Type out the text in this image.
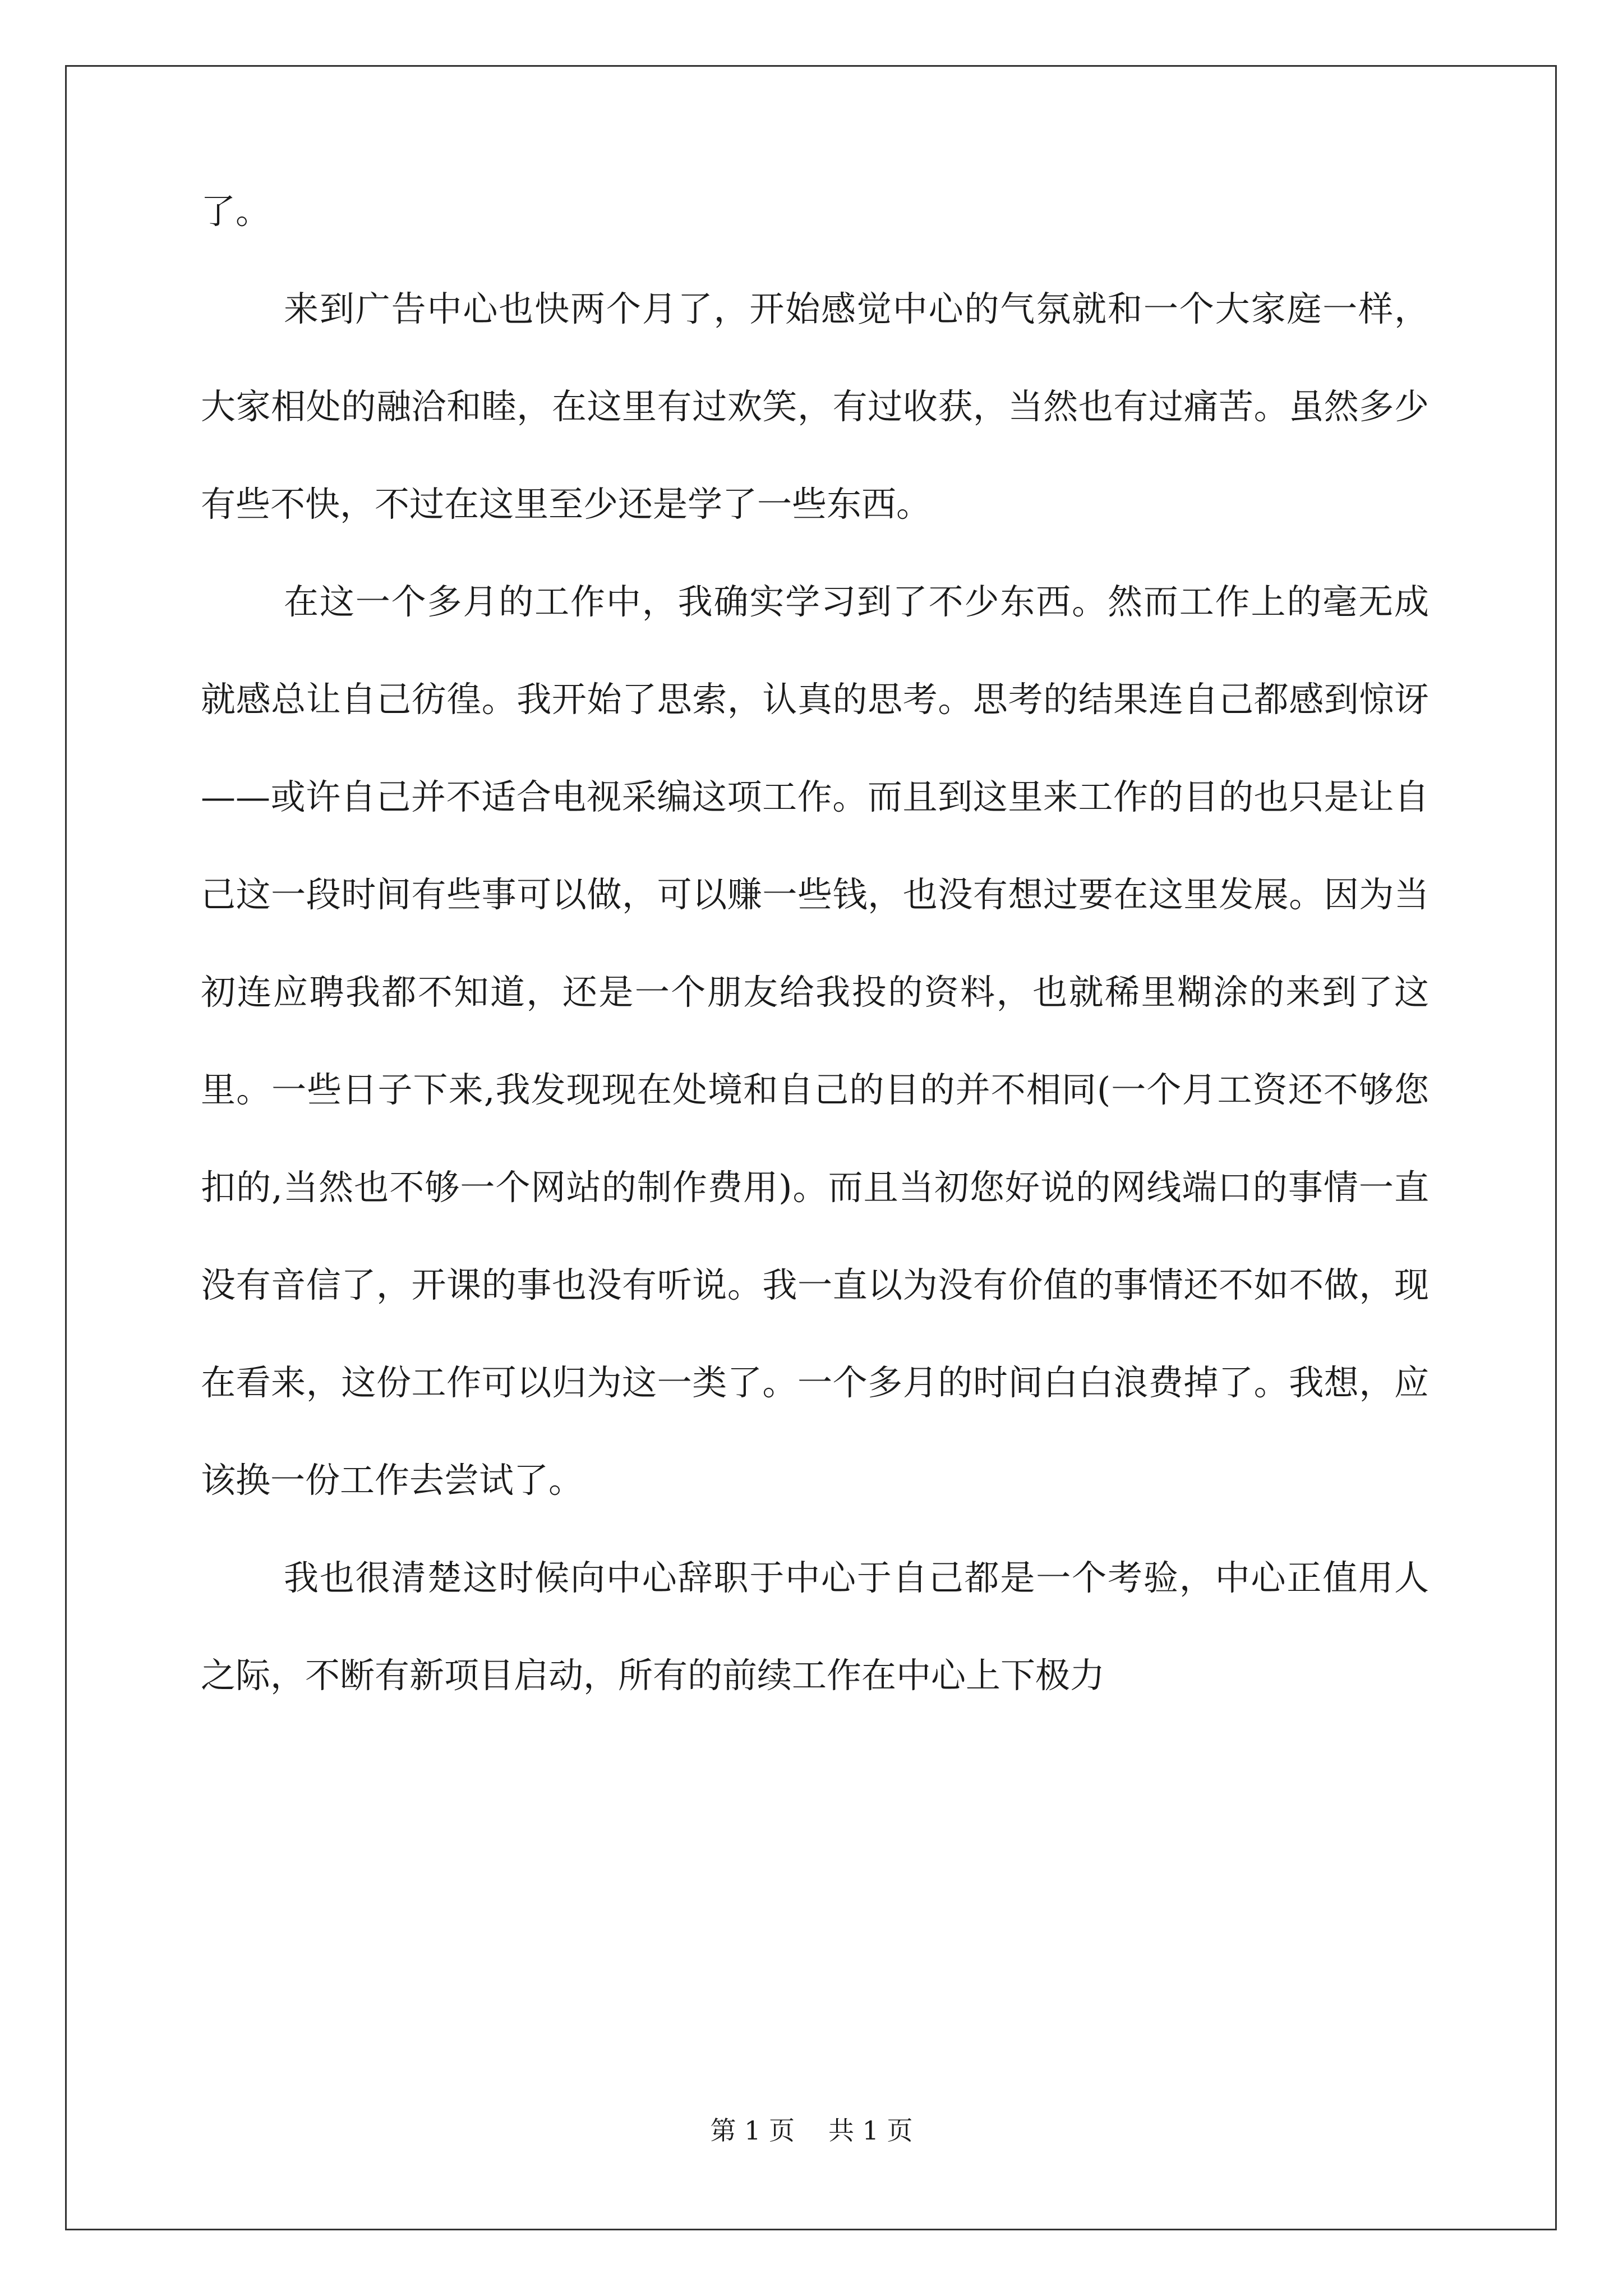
了。

来到广告中心也快两个月了，开始感觉中心的气氛就和一个大家庭一样，大家相处的融洽和睦，在这里有过欢笑，有过收获，当然也有过痛苦。虽然多少有些不快，不过在这里至少还是学了一些东西。

在这一个多月的工作中，我确实学习到了不少东西。然而工作上的毫无成就感总让自己彷徨。我开始了思索，认真的思考。思考的结果连自己都感到惊讶——或许自己并不适合电视采编这项工作。而且到这里来工作的目的也只是让自己这一段时间有些事可以做，可以赚一些钱，也没有想过要在这里发展。因为当初连应聘我都不知道，还是一个朋友给我投的资料，也就稀里糊涂的来到了这里。一些日子下来,我发现现在处境和自己的目的并不相同(一个月工资还不够您扣的,当然也不够一个网站的制作费用)。而且当初您好说的网线端口的事情一直没有音信了，开课的事也没有听说。我一直以为没有价值的事情还不如不做，现在看来，这份工作可以归为这一类了。一个多月的时间白白浪费掉了。我想，应该换一份工作去尝试了。

我也很清楚这时候向中心辞职于中心于自己都是一个考验，中心正值用人之际，不断有新项目启动，所有的前续工作在中心上下极力

第 1 页 共 1 页
